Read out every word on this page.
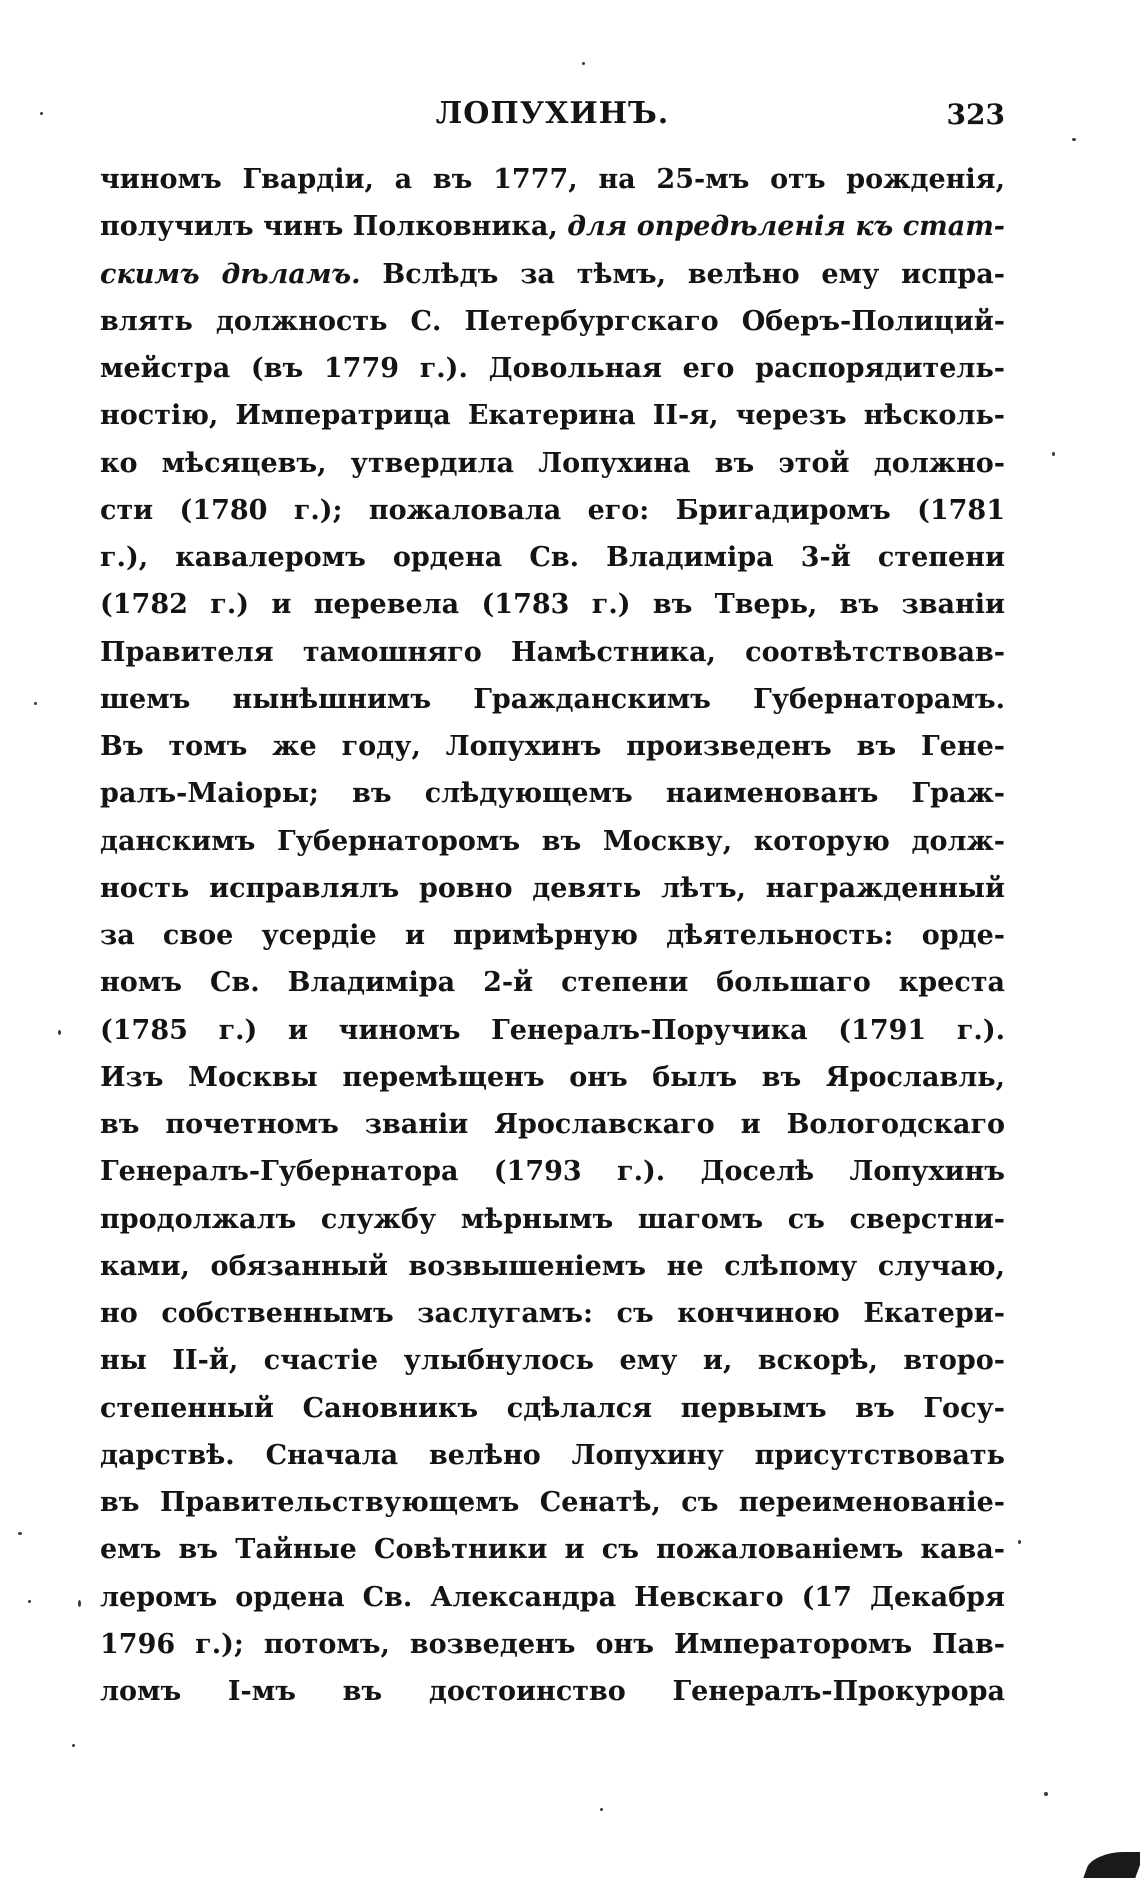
ЛОПУХИНЪ.	323
чиномъ Гвардіи, а въ 1777, на 25-мъ отъ рожденія,
получилъ чинъ Полковника, для опредѣленія къ стат-
скимъ дѣламъ. Вслѣдъ за тѣмъ, велѣно ему испра-
влять должность С. Петербургскаго Оберъ-Полиций-
мейстра (въ 1779 г.). Довольная его распорядитель-
ностію, Императрица Екатерина II-я, черезъ нѣсколь-
ко мѣсяцевъ, утвердила Лопухина въ этой должно-
сти (1780 г.); пожаловала его: Бригадиромъ (1781
г.), кавалеромъ ордена Св. Владиміра 3-й степени
(1782 г.) и перевела (1783 г.) въ Тверь, въ званіи
Правителя тамошняго Намѣстника, соотвѣтствовав-
шемъ нынѣшнимъ Гражданскимъ Губернаторамъ.
Въ томъ же году, Лопухинъ произведенъ въ Гене-
ралъ-Маіоры; въ слѣдующемъ наименованъ Граж-
данскимъ Губернаторомъ въ Москву, которую долж-
ность исправлялъ ровно девять лѣтъ, награжденный
за свое усердіе и примѣрную дѣятельность: орде-
номъ Св. Владиміра 2-й степени большаго креста
(1785 г.) и чиномъ Генералъ-Поручика (1791 г.).
Изъ Москвы перемѣщенъ онъ былъ въ Ярославль,
въ почетномъ званіи Ярославскаго и Вологодскаго
Генералъ-Губернатора (1793 г.). Доселѣ Лопухинъ
продолжалъ службу мѣрнымъ шагомъ съ сверстни-
ками, обязанный возвышеніемъ не слѣпому случаю,
но собственнымъ заслугамъ: съ кончиною Екатери-
ны II-й, счастіе улыбнулось ему и, вскорѣ, второ-
степенный Сановникъ сдѣлался первымъ въ Госу-
дарствѣ. Сначала велѣно Лопухину присутствовать
въ Правительствующемъ Сенатѣ, съ переименованіе-
емъ въ Тайные Совѣтники и съ пожалованіемъ кава-
леромъ ордена Св. Александра Невскаго (17 Декабря
1796 г.); потомъ, возведенъ онъ Императоромъ Пав-
ломъ I-мъ въ достоинство Генералъ-Прокурора
